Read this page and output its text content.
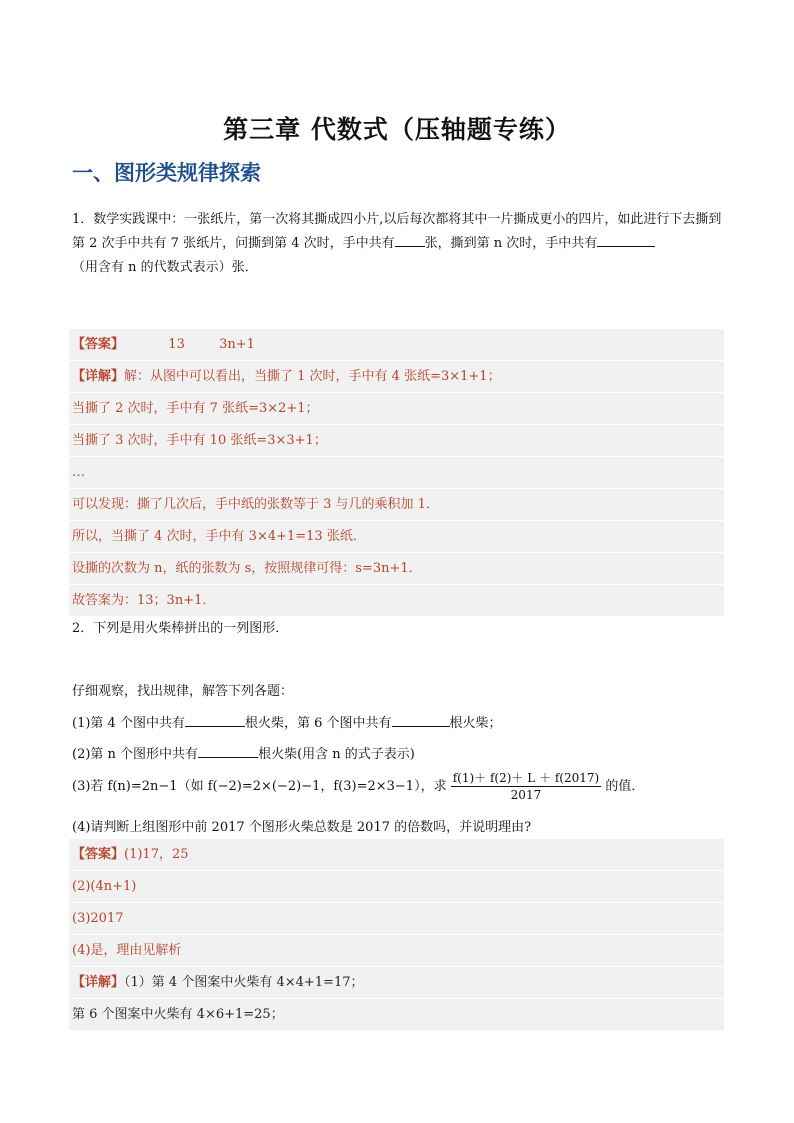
第三章 代数式（压轴题专练）
一、图形类规律探索
1．数学实践课中：一张纸片，第一次将其撕成四小片,以后每次都将其中一片撕成更小的四片，如此进行下去撕到第 2 次手中共有 7 张纸片，问撕到第 4 次时，手中共有 张，撕到第 n 次时，手中共有
（用含有 n 的代数式表示）张．
【答案】	13	3n+1
【详解】解：从图中可以看出，当撕了 1 次时，手中有 4 张纸=3×1+1；
当撕了 2 次时，手中有 7 张纸=3×2+1；
当撕了 3 次时，手中有 10 张纸=3×3+1；
…
可以发现：撕了几次后，手中纸的张数等于 3 与几的乘积加 1．
所以，当撕了 4 次时，手中有 3×4+1=13 张纸．
设撕的次数为 n，纸的张数为 s，按照规律可得：s=3n+1．
故答案为：13；3n+1．
2．下列是用火柴棒拼出的一列图形．
仔细观察，找出规律，解答下列各题：
(1)第 4 个图中共有	根火柴，第 6 个图中共有	根火柴；
(2)第 n 个图形中共有	根火柴(用含 n 的式子表示)
(3)若 f(n)=2n−1（如 f(−2)=2×(−2)−1，f(3)=2×3−1），求 $\frac{f(1)+ f(2)+ L + f(2017)}{2017}$ 的值．
(4)请判断上组图形中前 2017 个图形火柴总数是 2017 的倍数吗，并说明理由?
【答案】(1)17，25
(2)(4n+1)
(3)2017
(4)是，理由见解析
【详解】（1）第 4 个图案中火柴有 4×4+1=17；
第 6 个图案中火柴有 4×6+1=25；
